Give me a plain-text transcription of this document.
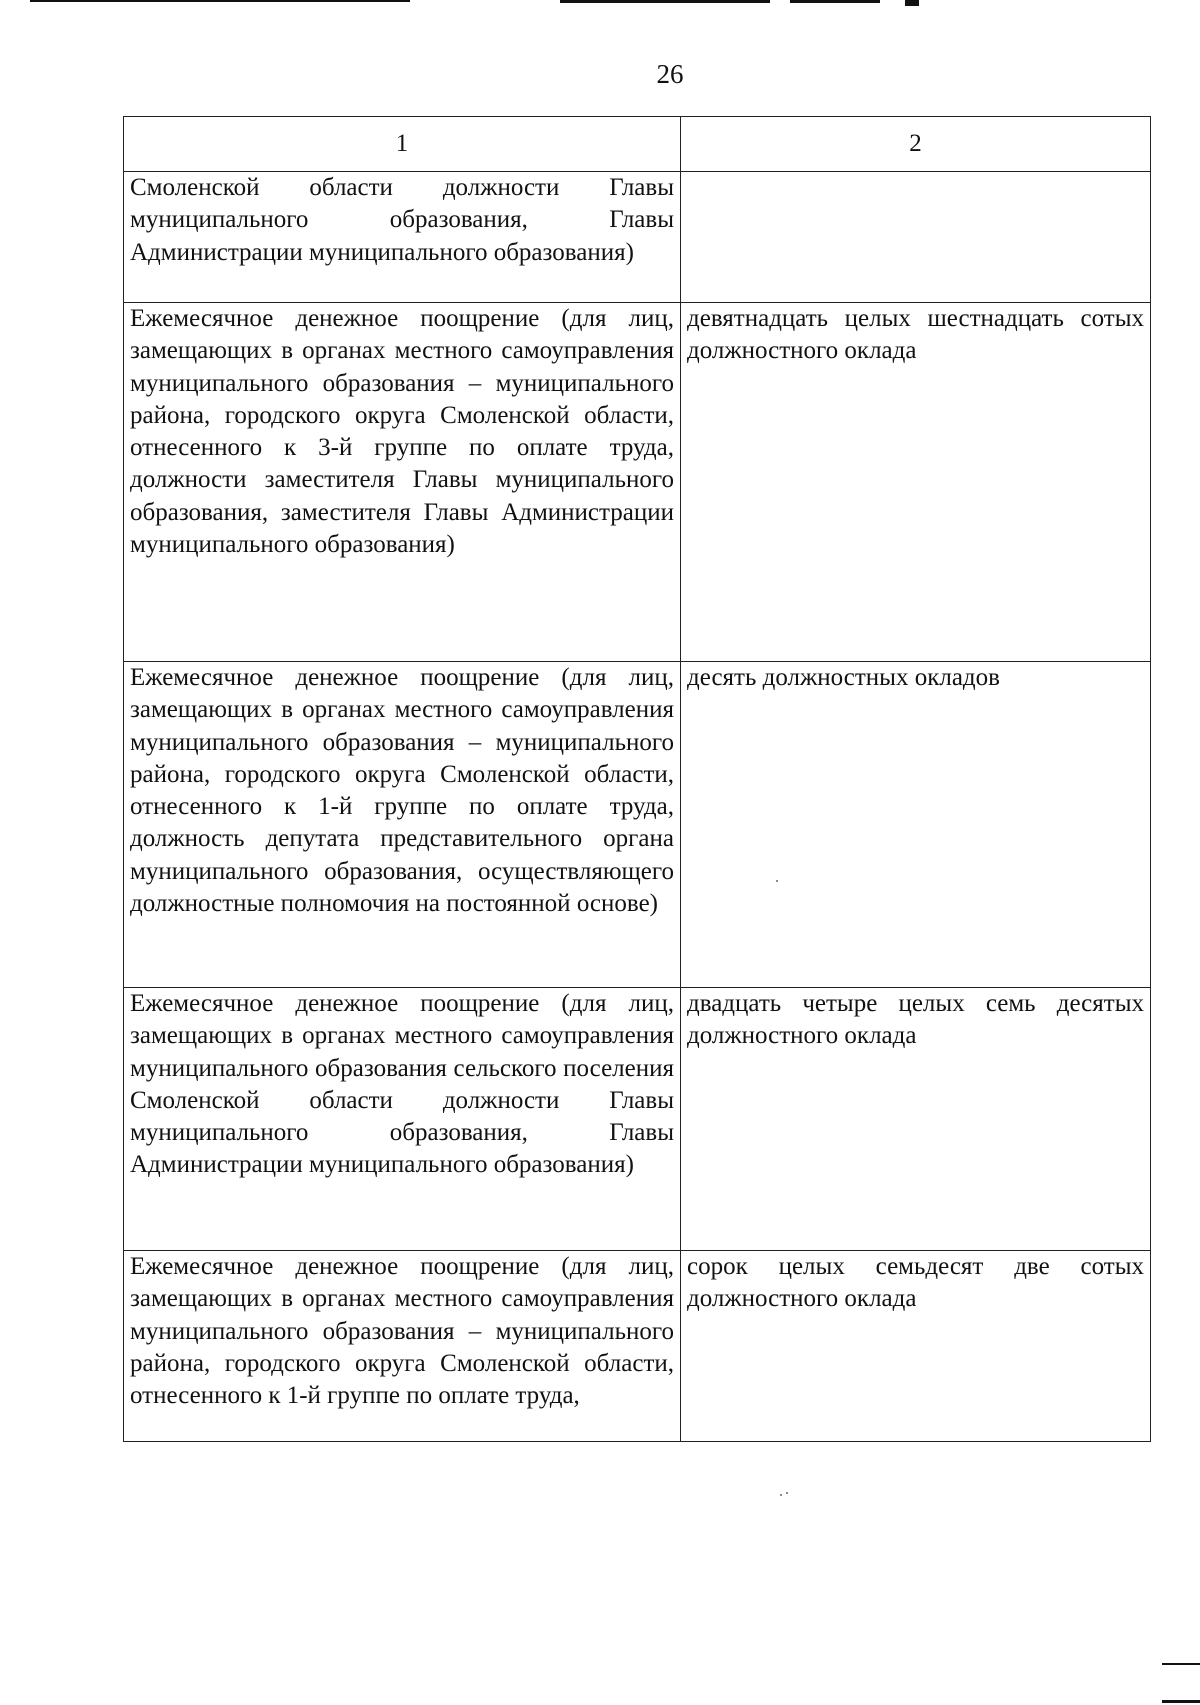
26
1	2
Смоленской области должности Главы муниципального образования, Главы Администрации муниципального образования)	
Ежемесячное денежное поощрение (для лиц, замещающих в органах местного самоуправления муниципального образования – муниципального района, городского округа Смоленской области, отнесенного к 3-й группе по оплате труда, должности заместителя Главы муниципального образования, заместителя Главы Администрации муниципального образования)	девятнадцать целых шестнадцать сотых должностного оклада
Ежемесячное денежное поощрение (для лиц, замещающих в органах местного самоуправления муниципального образования – муниципального района, городского округа Смоленской области, отнесенного к 1-й группе по оплате труда, должность депутата представительного органа муниципального образования, осуществляющего должностные полномочия на постоянной основе)	десять должностных окладов
Ежемесячное денежное поощрение (для лиц, замещающих в органах местного самоуправления муниципального образования сельского поселения Смоленской области должности Главы муниципального образования, Главы Администрации муниципального образования)	двадцать четыре целых семь десятых должностного оклада
Ежемесячное денежное поощрение (для лиц, замещающих в органах местного самоуправления муниципального образования – муниципального района, городского округа Смоленской области, отнесенного к 1-й группе по оплате труда,	сорок целых семьдесят две сотых должностного оклада
